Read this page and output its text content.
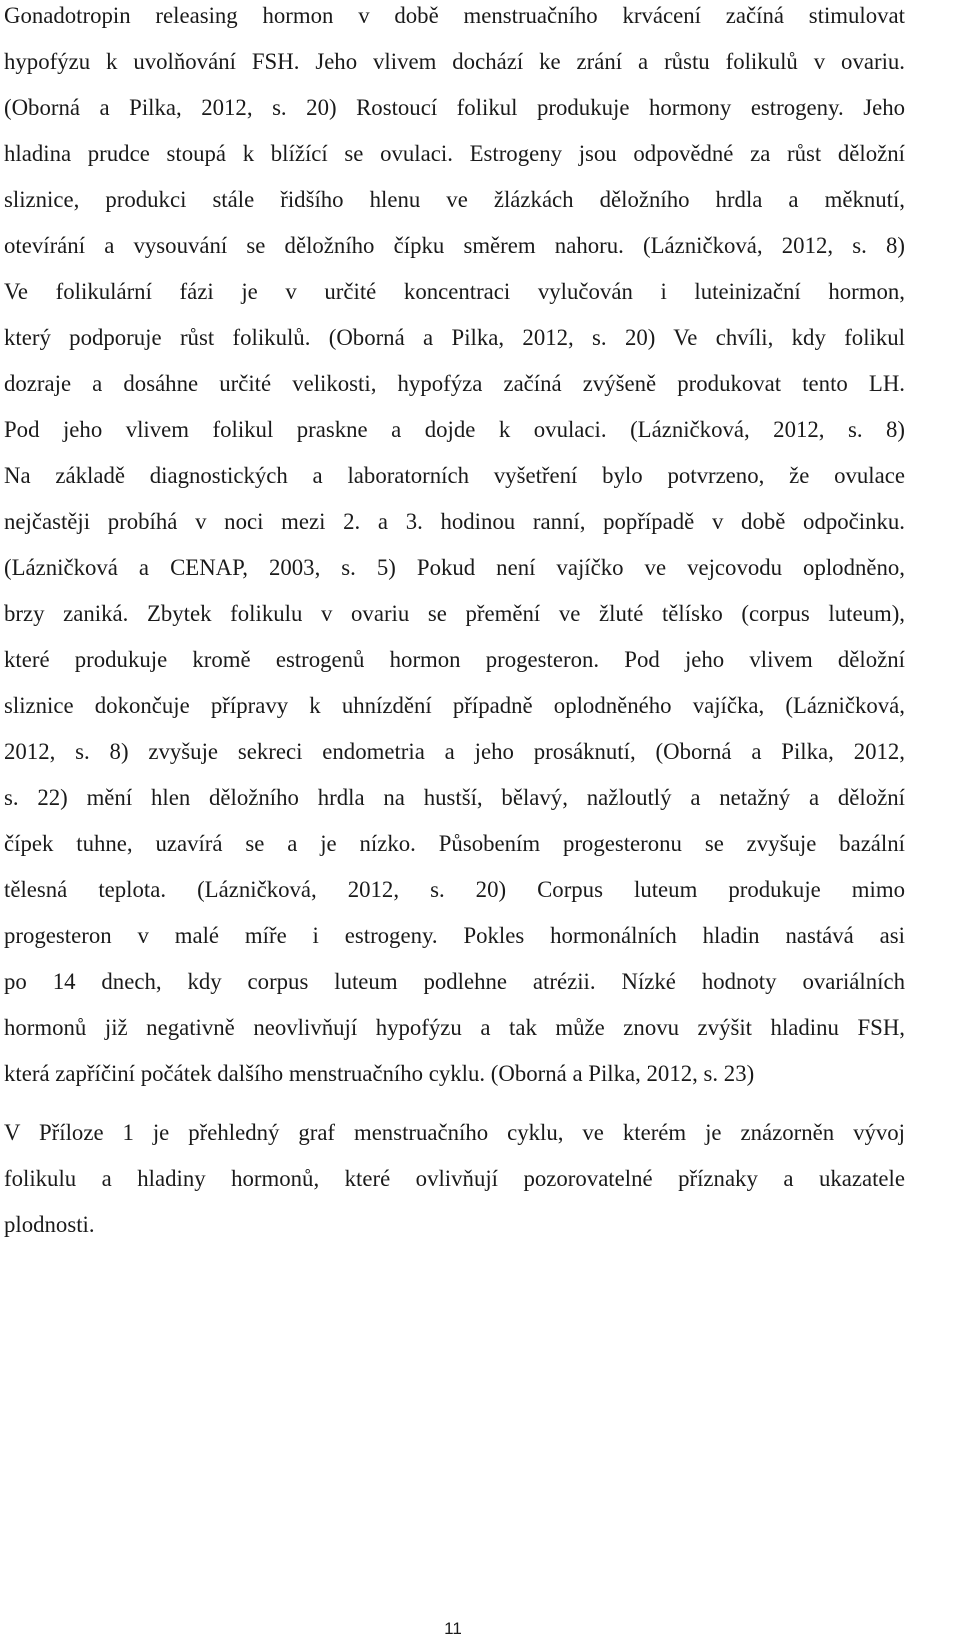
Gonadotropin releasing hormon v době menstruačního krvácení začíná stimulovat
hypofýzu k uvolňování FSH. Jeho vlivem dochází ke zrání a růstu folikulů v ovariu.
(Oborná a Pilka, 2012, s. 20) Rostoucí folikul produkuje hormony estrogeny. Jeho
hladina prudce stoupá k blížící se ovulaci. Estrogeny jsou odpovědné za růst děložní
sliznice, produkci stále řidšího hlenu ve žlázkách děložního hrdla a měknutí,
otevírání a vysouvání se děložního čípku směrem nahoru. (Lázničková, 2012, s. 8)
Ve folikulární fázi je v určité koncentraci vylučován i luteinizační hormon,
který podporuje růst folikulů. (Oborná a Pilka, 2012, s. 20) Ve chvíli, kdy folikul
dozraje a dosáhne určité velikosti, hypofýza začíná zvýšeně produkovat tento LH.
Pod jeho vlivem folikul praskne a dojde k ovulaci. (Lázničková, 2012, s. 8)
Na základě diagnostických a laboratorních vyšetření bylo potvrzeno, že ovulace
nejčastěji probíhá v noci mezi 2. a 3. hodinou ranní, popřípadě v době odpočinku.
(Lázničková a CENAP, 2003, s. 5) Pokud není vajíčko ve vejcovodu oplodněno,
brzy zaniká. Zbytek folikulu v ovariu se přemění ve žluté tělísko (corpus luteum),
které produkuje kromě estrogenů hormon progesteron. Pod jeho vlivem děložní
sliznice dokončuje přípravy k uhnízdění případně oplodněného vajíčka, (Lázničková,
2012, s. 8) zvyšuje sekreci endometria a jeho prosáknutí, (Oborná a Pilka, 2012,
s. 22) mění hlen děložního hrdla na hustší, bělavý, nažloutlý a netažný a děložní
čípek tuhne, uzavírá se a je nízko. Působením progesteronu se zvyšuje bazální
tělesná teplota. (Lázničková, 2012, s. 20) Corpus luteum produkuje mimo
progesteron v malé míře i estrogeny. Pokles hormonálních hladin nastává asi
po 14 dnech, kdy corpus luteum podlehne atrézii. Nízké hodnoty ovariálních
hormonů již negativně neovlivňují hypofýzu a tak může znovu zvýšit hladinu FSH,
která zapříčiní počátek dalšího menstruačního cyklu. (Oborná a Pilka, 2012, s. 23)
V Příloze 1 je přehledný graf menstruačního cyklu, ve kterém je znázorněn vývoj
folikulu a hladiny hormonů, které ovlivňují pozorovatelné příznaky a ukazatele
plodnosti.
11
